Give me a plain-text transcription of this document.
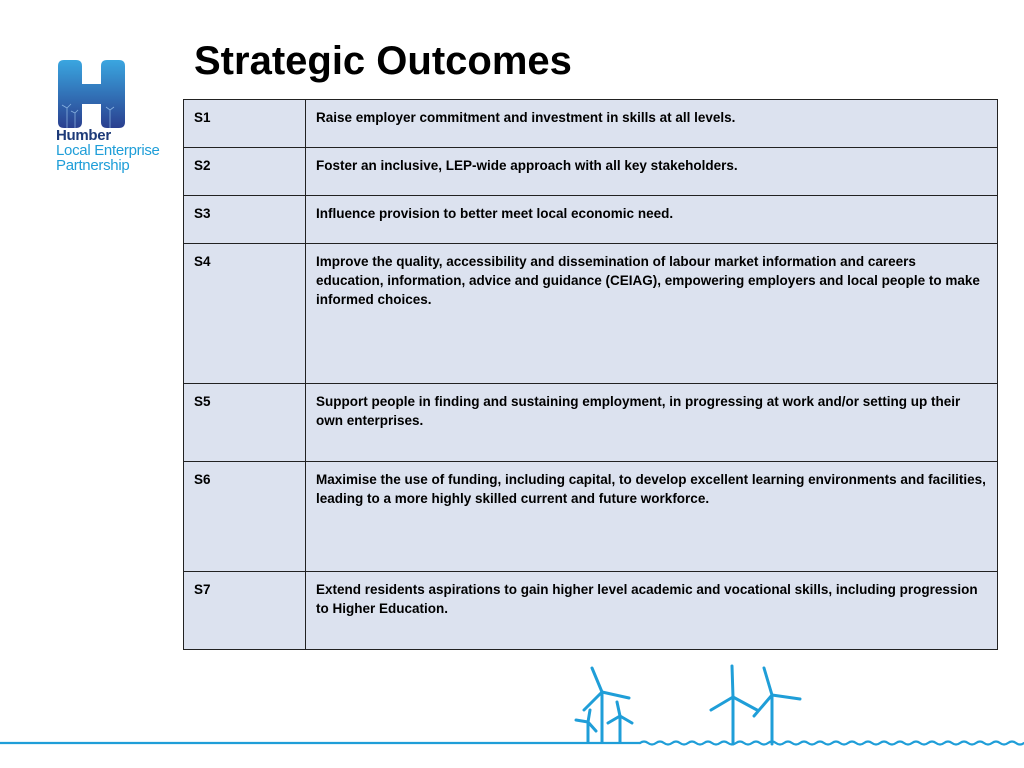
Humber
Local Enterprise
Partnership
Strategic Outcomes
S1	Raise employer commitment and investment in skills at all levels.
S2	Foster an inclusive, LEP-wide approach with all key stakeholders.
S3	Influence provision to better meet local economic need.
S4	Improve the quality, accessibility and dissemination of labour market information and careers education, information, advice and guidance (CEIAG), empowering employers and local people to make informed choices.
S5	Support people in finding and sustaining employment, in progressing at work and/or setting up their own enterprises.
S6	Maximise the use of funding, including capital, to develop excellent learning environments and facilities, leading to a more highly skilled current and future workforce.
S7	Extend residents aspirations to gain higher level academic and vocational skills, including progression to Higher Education.
